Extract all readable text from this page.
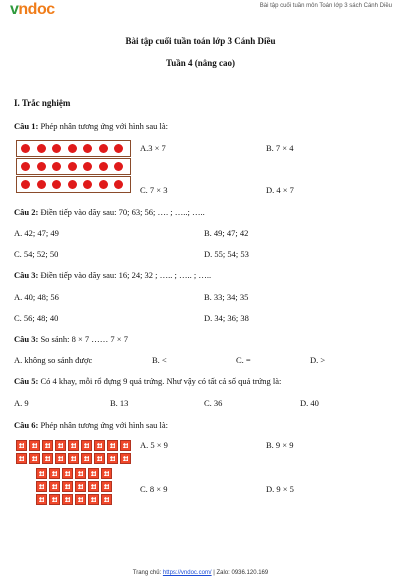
vndoc	Bài tập cuối tuần môn Toán lớp 3 sách Cánh Diều
Bài tập cuối tuần toán lớp 3 Cánh Diều
Tuần 4 (nâng cao)
I. Trắc nghiệm
Câu 1: Phép nhân tương ứng với hình sau là:
A.3 × 7	B. 7 × 4
C. 7 × 3	D. 4 × 7
Câu 2: Điền tiếp vào dãy sau: 70; 63; 56; …. ; …..; …..
A. 42; 47; 49	B. 49; 47; 42
C. 54; 52; 50	D. 55; 54; 53
Câu 3: Điền tiếp vào dãy sau: 16; 24; 32 ; ….. ; ….. ; …..
A. 40; 48; 56	B. 33; 34; 35
C. 56; 48; 40	D. 34; 36; 38
Câu 3: So sánh: 8 × 7 …… 7 × 7
A. không so sánh được	B. <	C. =	D. >
Câu 5: Có 4 khay, mỗi rổ đựng 9 quả trứng. Như vậy có tất cả số quả trứng là:
A. 9	B. 13	C. 36	D. 40
Câu 6: Phép nhân tương ứng với hình sau là:
A. 5 × 9	B. 9 × 9
C. 8 × 9	D. 9 × 5
Trang chủ: https://vndoc.com/ | Zalo: 0936.120.169
